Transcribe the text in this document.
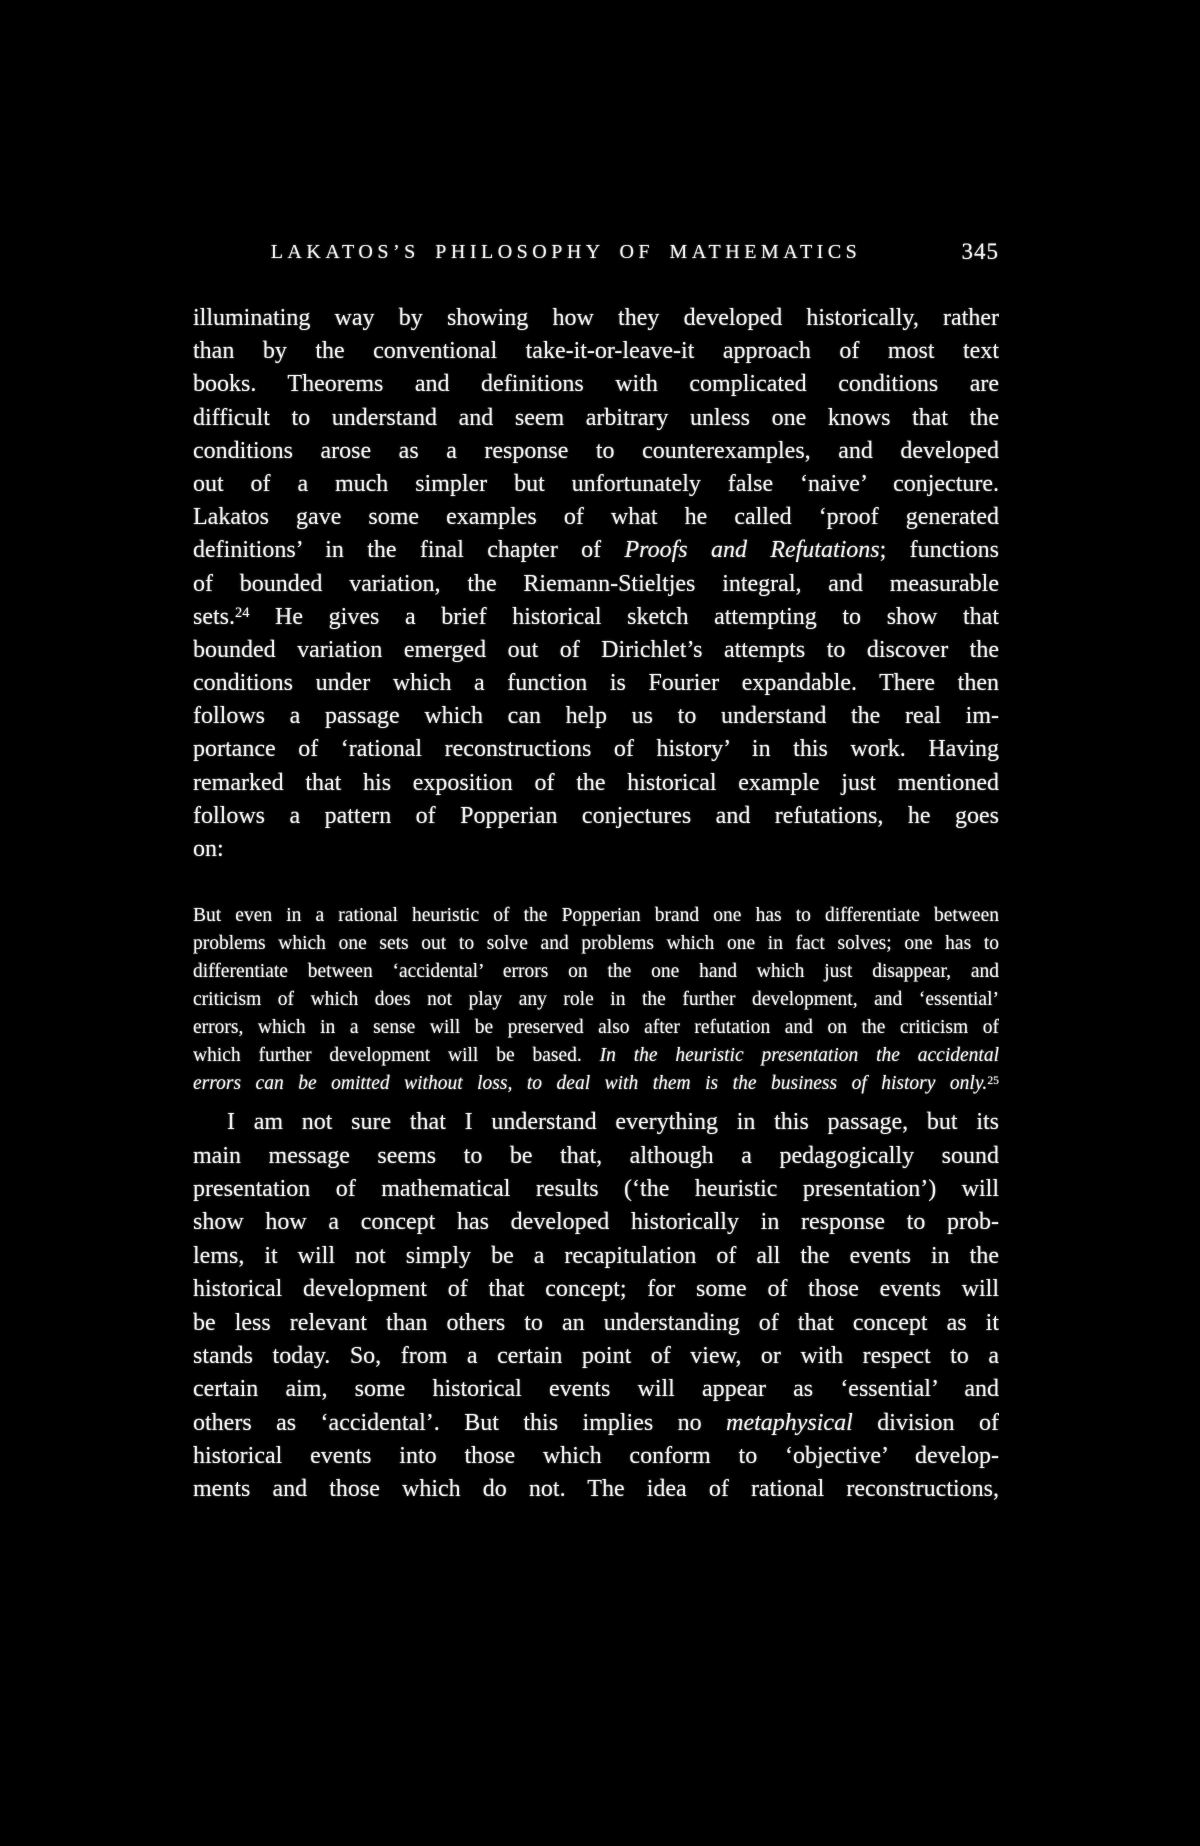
LAKATOS’S PHILOSOPHY OF MATHEMATICS	345
illuminating way by showing how they developed historically, rather
than by the conventional take-it-or-leave-it approach of most text
books. Theorems and definitions with complicated conditions are
difficult to understand and seem arbitrary unless one knows that the
conditions arose as a response to counterexamples, and developed
out of a much simpler but unfortunately false ‘naive’ conjecture.
Lakatos gave some examples of what he called ‘proof generated
definitions’ in the final chapter of Proofs and Refutations; functions
of bounded variation, the Riemann-Stieltjes integral, and measurable
sets.$^{24}$ He gives a brief historical sketch attempting to show that
bounded variation emerged out of Dirichlet’s attempts to discover the
conditions under which a function is Fourier expandable. There then
follows a passage which can help us to understand the real im-
portance of ‘rational reconstructions of history’ in this work. Having
remarked that his exposition of the historical example just mentioned
follows a pattern of Popperian conjectures and refutations, he goes
on:
But even in a rational heuristic of the Popperian brand one has to differentiate between
problems which one sets out to solve and problems which one in fact solves; one has to
differentiate between ‘accidental’ errors on the one hand which just disappear, and
criticism of which does not play any role in the further development, and ‘essential’
errors, which in a sense will be preserved also after refutation and on the criticism of
which further development will be based. In the heuristic presentation the accidental
errors can be omitted without loss, to deal with them is the business of history only.$^{25}$
I am not sure that I understand everything in this passage, but its
main message seems to be that, although a pedagogically sound
presentation of mathematical results (‘the heuristic presentation’) will
show how a concept has developed historically in response to prob-
lems, it will not simply be a recapitulation of all the events in the
historical development of that concept; for some of those events will
be less relevant than others to an understanding of that concept as it
stands today. So, from a certain point of view, or with respect to a
certain aim, some historical events will appear as ‘essential’ and
others as ‘accidental’. But this implies no metaphysical division of
historical events into those which conform to ‘objective’ develop-
ments and those which do not. The idea of rational reconstructions,
